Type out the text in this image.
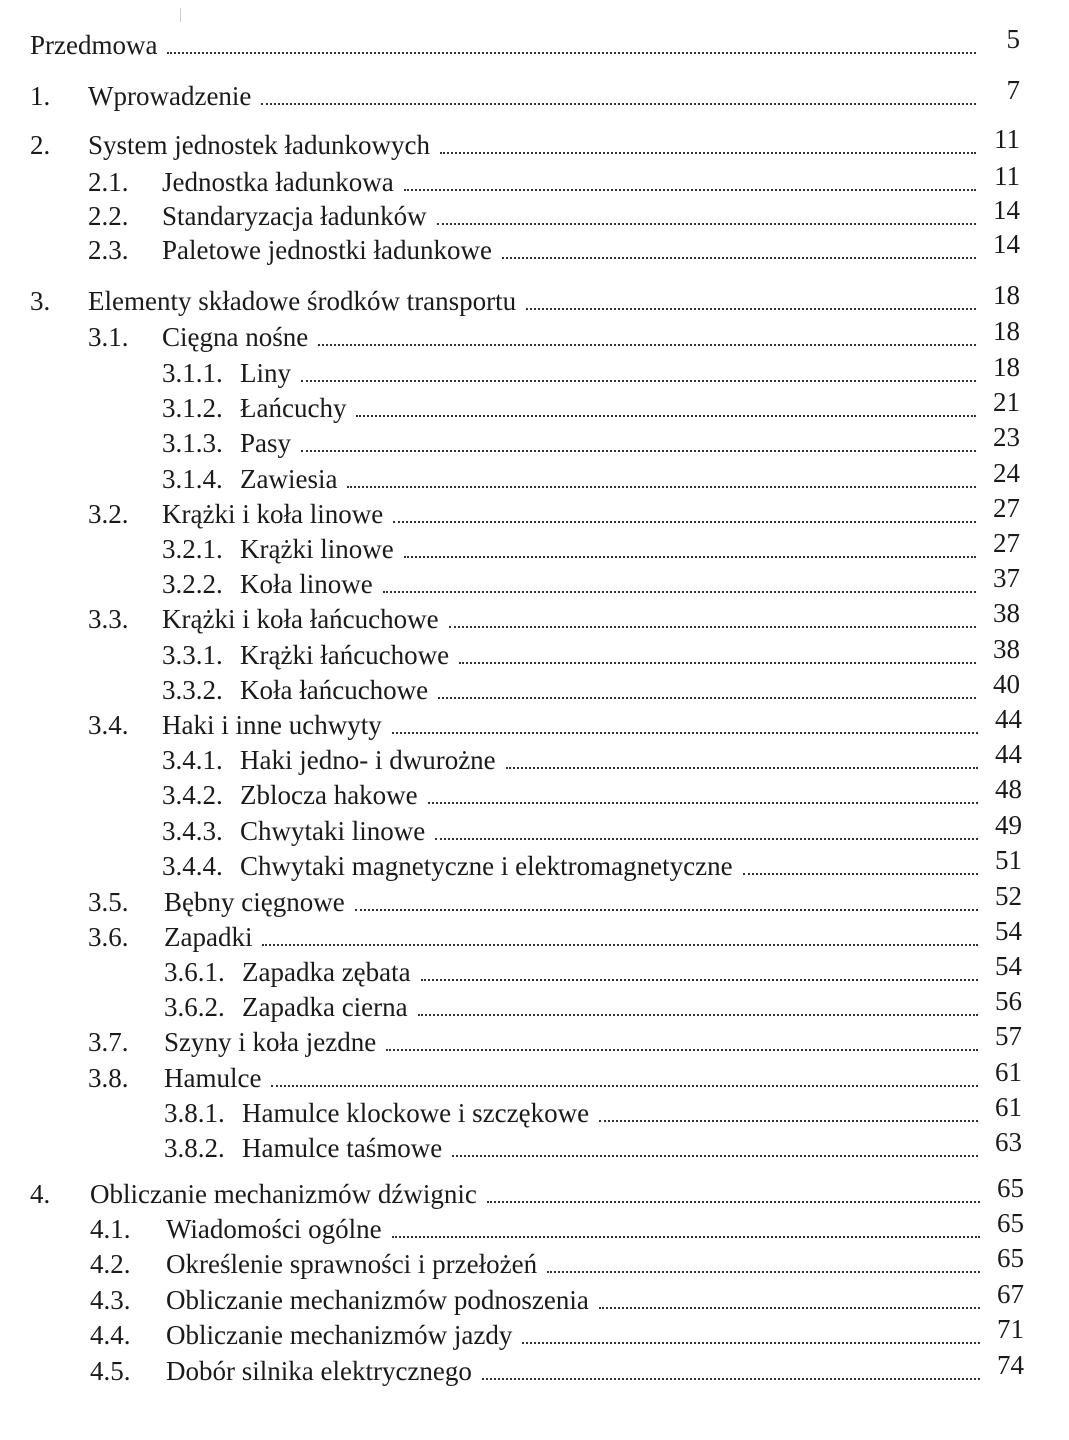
Przedmowa	5
1. Wprowadzenie	7
2. System jednostek ładunkowych	11
2.1. Jednostka ładunkowa	11
2.2. Standaryzacja ładunków	14
2.3. Paletowe jednostki ładunkowe	14
3. Elementy składowe środków transportu	18
3.1. Cięgna nośne	18
3.1.1. Liny	18
3.1.2. Łańcuchy	21
3.1.3. Pasy	23
3.1.4. Zawiesia	24
3.2. Krążki i koła linowe	27
3.2.1. Krążki linowe	27
3.2.2. Koła linowe	37
3.3. Krążki i koła łańcuchowe	38
3.3.1. Krążki łańcuchowe	38
3.3.2. Koła łańcuchowe	40
3.4. Haki i inne uchwyty	44
3.4.1. Haki jedno- i dwurożne	44
3.4.2. Zblocza hakowe	48
3.4.3. Chwytaki linowe	49
3.4.4. Chwytaki magnetyczne i elektromagnetyczne	51
3.5. Bębny cięgnowe	52
3.6. Zapadki	54
3.6.1. Zapadka zębata	54
3.6.2. Zapadka cierna	56
3.7. Szyny i koła jezdne	57
3.8. Hamulce	61
3.8.1. Hamulce klockowe i szczękowe	61
3.8.2. Hamulce taśmowe	63
4. Obliczanie mechanizmów dźwignic	65
4.1. Wiadomości ogólne	65
4.2. Określenie sprawności i przełożeń	65
4.3. Obliczanie mechanizmów podnoszenia	67
4.4. Obliczanie mechanizmów jazdy	71
4.5. Dobór silnika elektrycznego	74
